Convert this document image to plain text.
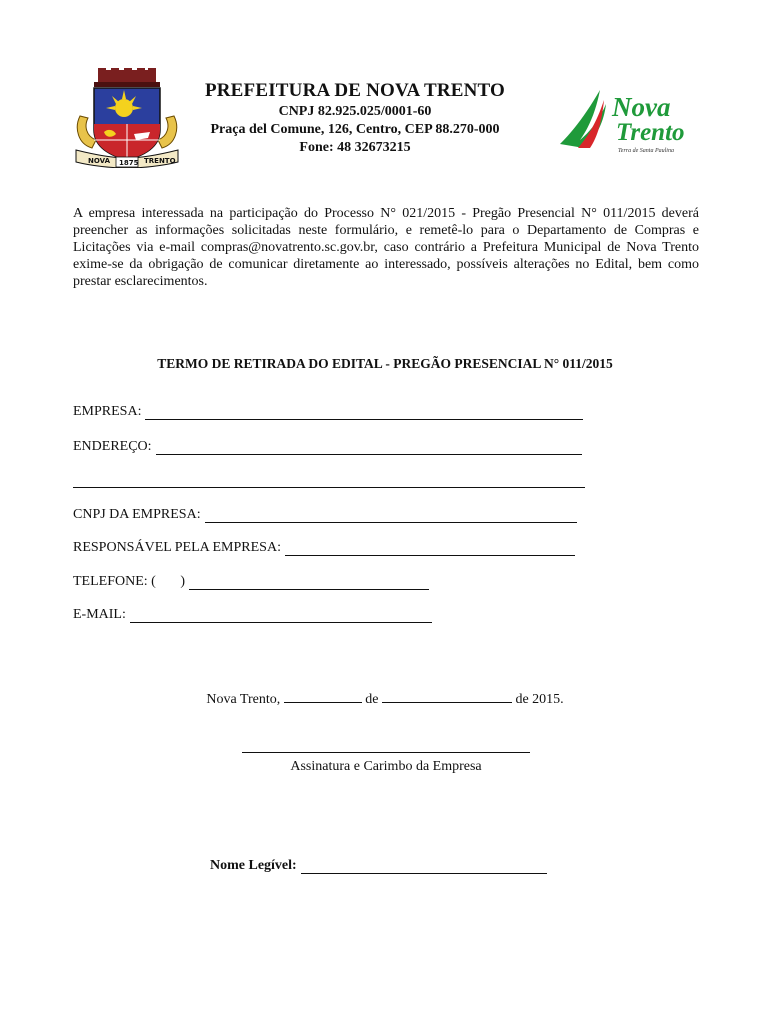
NOVA 1875 TRENTO
PREFEITURA DE NOVA TRENTO
CNPJ 82.925.025/0001-60
Praça del Comune, 126, Centro, CEP 88.270-000
Fone: 48 32673215
Nova
Trento
Terra de Santa Paulina
A empresa interessada na participação do Processo N° 021/2015 - Pregão Presencial N° 011/2015 deverá preencher as informações solicitadas neste formulário, e remetê-lo para o Departamento de Compras e Licitações via e-mail compras@novatrento.sc.gov.br, caso contrário a Prefeitura Municipal de Nova Trento exime-se da obrigação de comunicar diretamente ao interessado, possíveis alterações no Edital, bem como prestar esclarecimentos.
TERMO DE RETIRADA DO EDITAL - PREGÃO PRESENCIAL N° 011/2015
EMPRESA:
ENDEREÇO:
CNPJ DA EMPRESA:
RESPONSÁVEL PELA EMPRESA:
TELEFONE: (       )
E-MAIL:
Nova Trento,	de	de 2015.
Assinatura e Carimbo da Empresa
Nome Legível:
